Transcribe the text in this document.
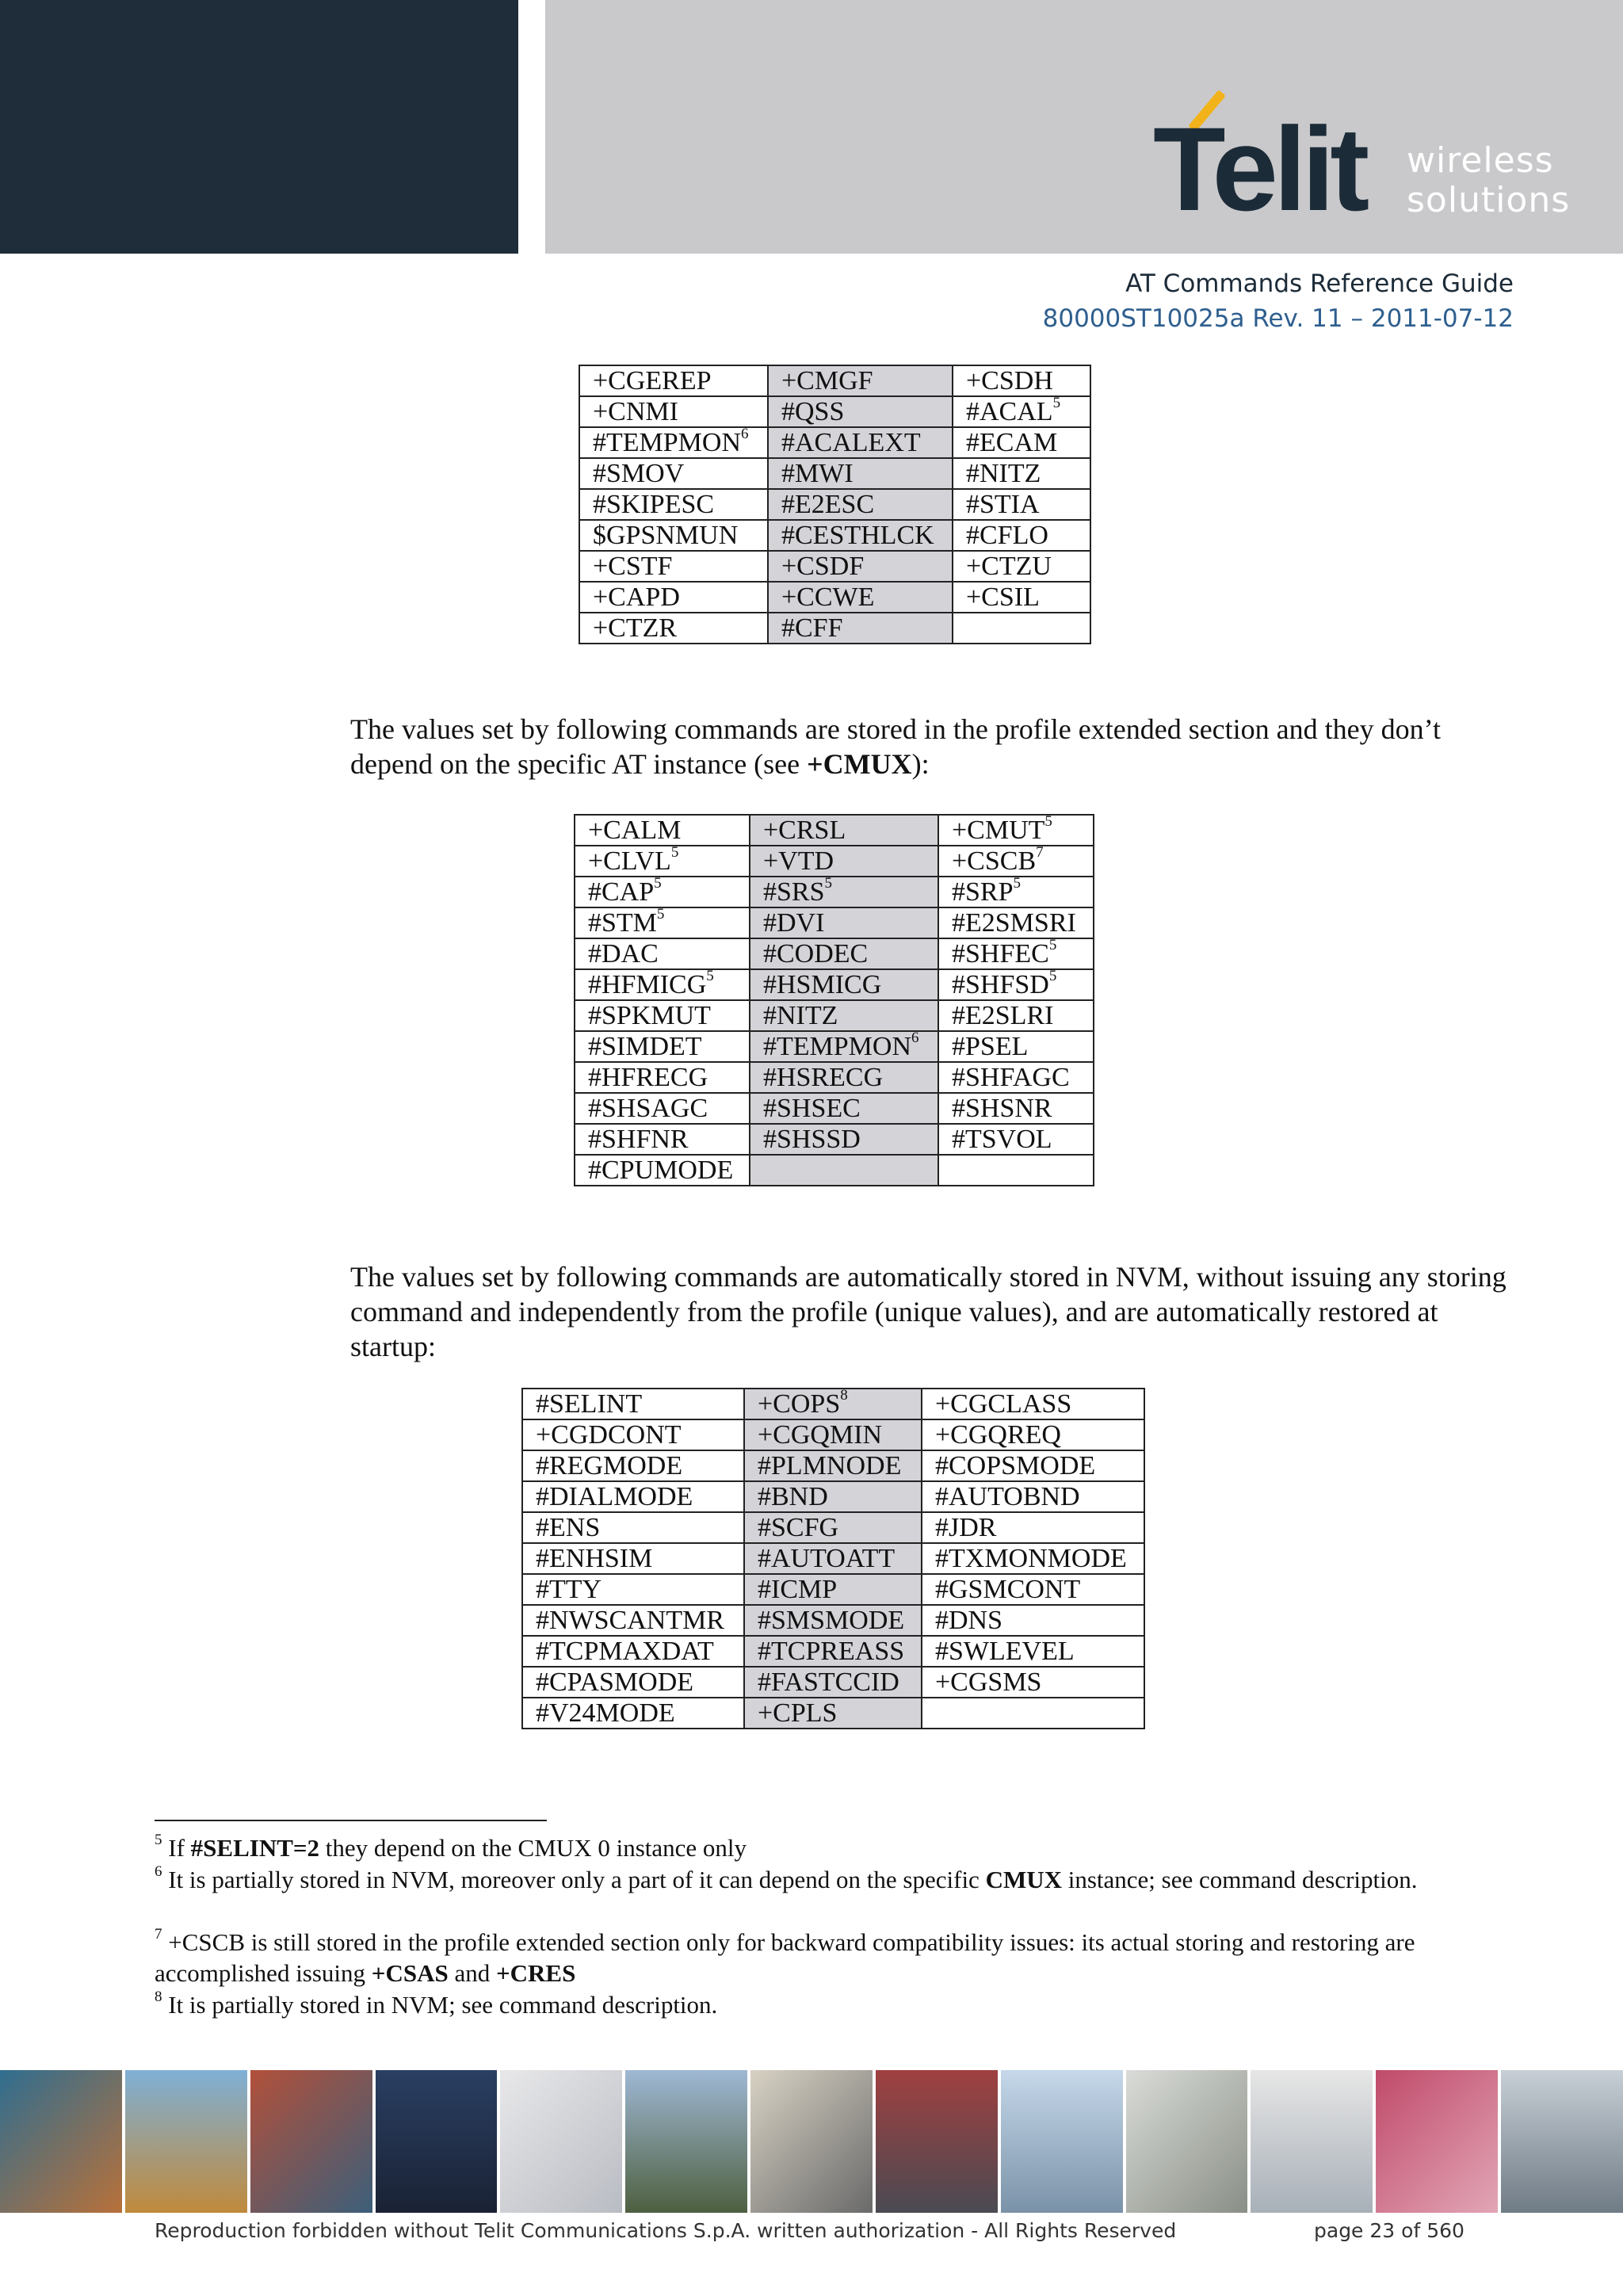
Telit wireless
solutions
AT Commands Reference Guide
80000ST10025a Rev. 11 – 2011-07-12
+CGEREP	+CMGF	+CSDH
+CNMI	#QSS	#ACAL$^5$
#TEMPMON$^6$	#ACALEXT	#ECAM
#SMOV	#MWI	#NITZ
#SKIPESC	#E2ESC	#STIA
$GPSNMUN	#CESTHLCK	#CFLO
+CSTF	+CSDF	+CTZU
+CAPD	+CCWE	+CSIL
+CTZR	#CFF	
The values set by following commands are stored in the profile extended section and they don’t depend on the specific AT instance (see +CMUX):
+CALM	+CRSL	$+CMUT^5$
$+CLVL^5$	+VTD	$+CSCB^7$
#CAP$^5$	#SRS$^5$	#SRP$^5$
#STM$^5$	#DVI	#E2SMSRI
#DAC	#CODEC	#SHFEC$^5$
#HFMICG$^5$	#HSMICG	#SHFSD$^5$
#SPKMUT	#NITZ	#E2SLRI
#SIMDET	#TEMPMON$^6$	#PSEL
#HFRECG	#HSRECG	#SHFAGC
#SHSAGC	#SHSEC	#SHSNR
#SHFNR	#SHSSD	#TSVOL
#CPUMODE		
The values set by following commands are automatically stored in NVM, without issuing any storing command and independently from the profile (unique values), and are automatically restored at startup:
#SELINT	$+COPS^8$	+CGCLASS
+CGDCONT	+CGQMIN	+CGQREQ
#REGMODE	#PLMNODE	#COPSMODE
#DIALMODE	#BND	#AUTOBND
#ENS	#SCFG	#JDR
#ENHSIM	#AUTOATT	#TXMONMODE
#TTY	#ICMP	#GSMCONT
#NWSCANTMR	#SMSMODE	#DNS
#TCPMAXDAT	#TCPREASS	#SWLEVEL
#CPASMODE	#FASTCCID	+CGSMS
#V24MODE	+CPLS	
$^5$ If #SELINT=2 they depend on the CMUX 0 instance only
$^6$ It is partially stored in NVM, moreover only a part of it can depend on the specific CMUX instance; see command description.
$^7$ +CSCB is still stored in the profile extended section only for backward compatibility issues: its actual storing and restoring are accomplished issuing +CSAS and +CRES
$^8$ It is partially stored in NVM; see command description.
Reproduction forbidden without Telit Communications S.p.A. written authorization - All Rights Reserved	page 23 of 560
